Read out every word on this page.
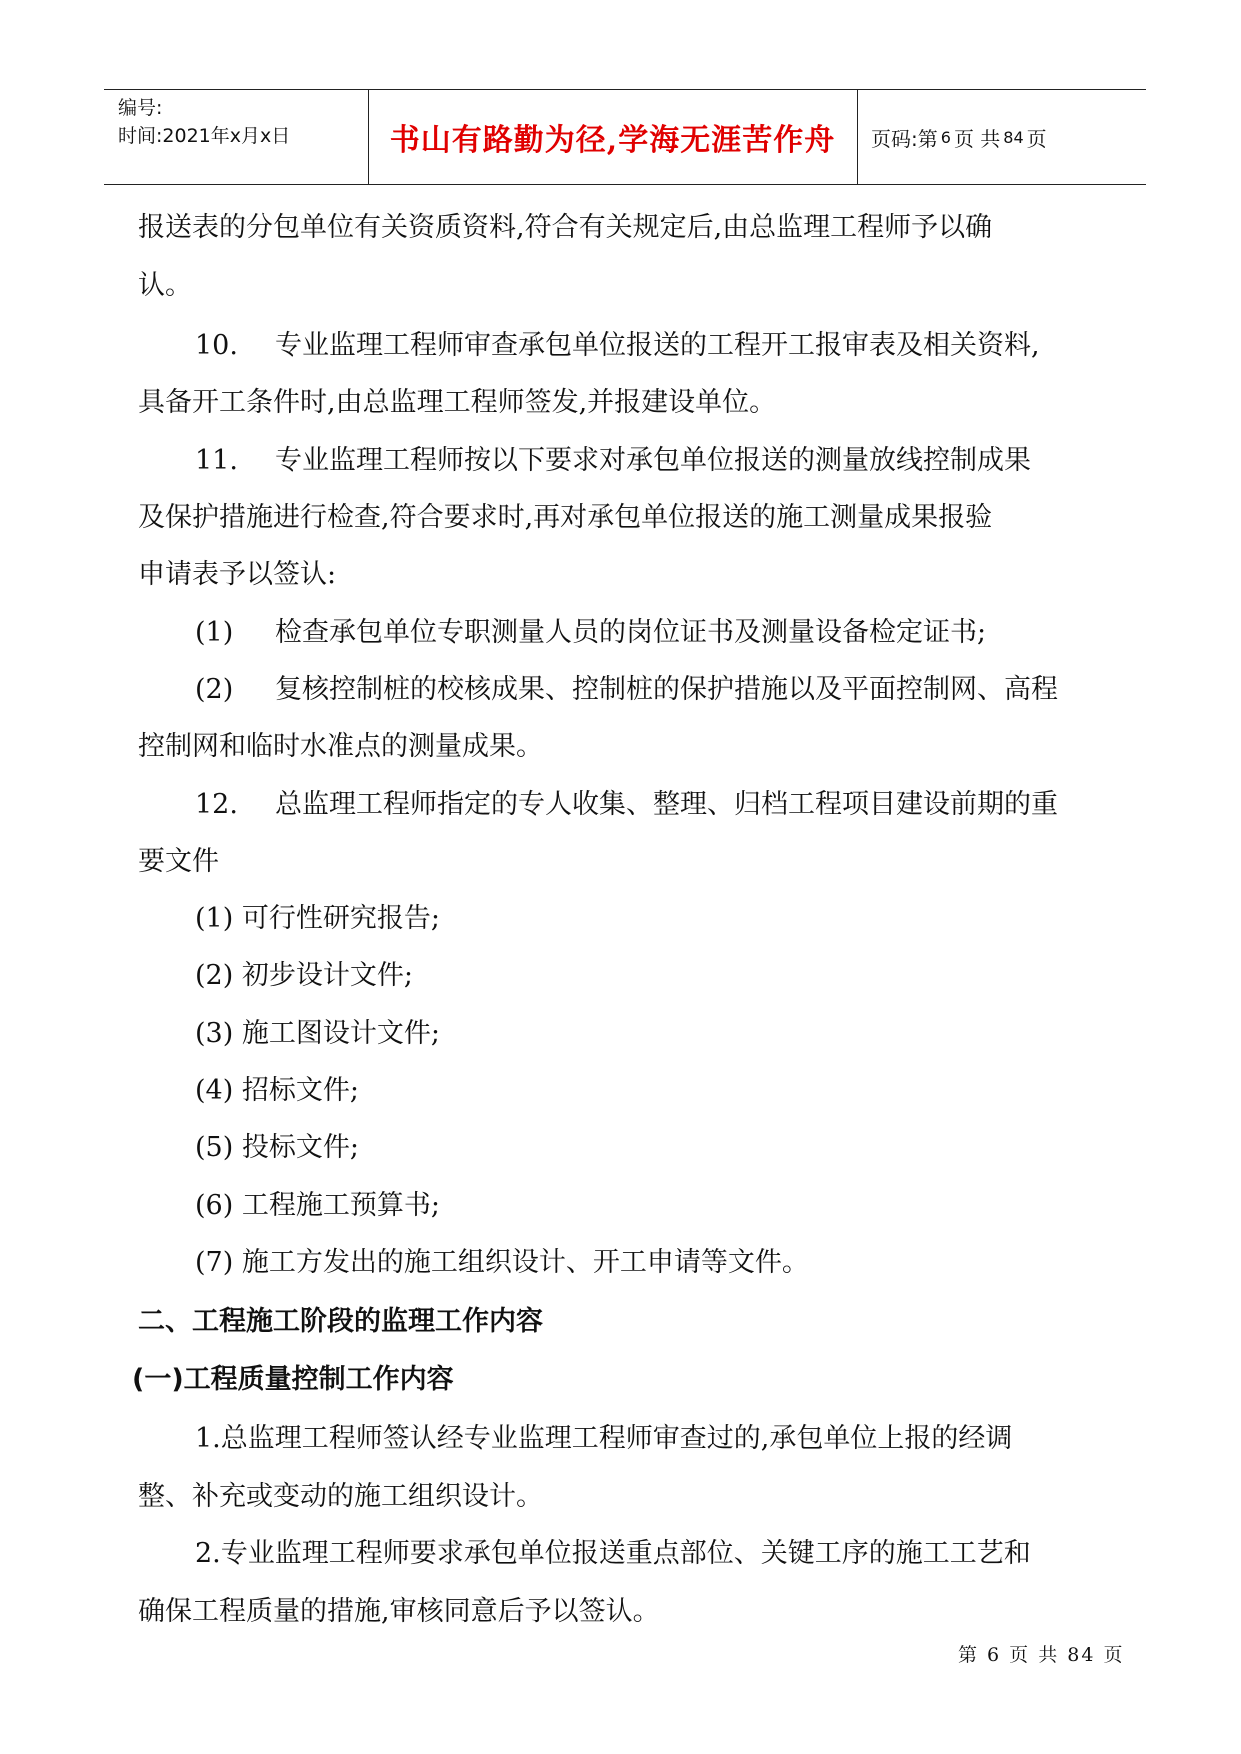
编号:
时间:2021年x月x日	书山有路勤为径,学海无涯苦作舟	页码:第 6 页 共 84 页
报送表的分包单位有关资质资料,符合有关规定后,由总监理工程师予以确
认。
10. 专业监理工程师审查承包单位报送的工程开工报审表及相关资料,
具备开工条件时,由总监理工程师签发,并报建设单位。
11. 专业监理工程师按以下要求对承包单位报送的测量放线控制成果
及保护措施进行检查,符合要求时,再对承包单位报送的施工测量成果报验
申请表予以签认:
(1) 检查承包单位专职测量人员的岗位证书及测量设备检定证书;
(2) 复核控制桩的校核成果、控制桩的保护措施以及平面控制网、高程
控制网和临时水准点的测量成果。
12. 总监理工程师指定的专人收集、整理、归档工程项目建设前期的重
要文件
(1) 可行性研究报告;
(2) 初步设计文件;
(3) 施工图设计文件;
(4) 招标文件;
(5) 投标文件;
(6) 工程施工预算书;
(7) 施工方发出的施工组织设计、开工申请等文件。
二、工程施工阶段的监理工作内容
(一)工程质量控制工作内容
1.总监理工程师签认经专业监理工程师审查过的,承包单位上报的经调
整、补充或变动的施工组织设计。
2.专业监理工程师要求承包单位报送重点部位、关键工序的施工工艺和
确保工程质量的措施,审核同意后予以签认。
第 6 页 共 84 页
